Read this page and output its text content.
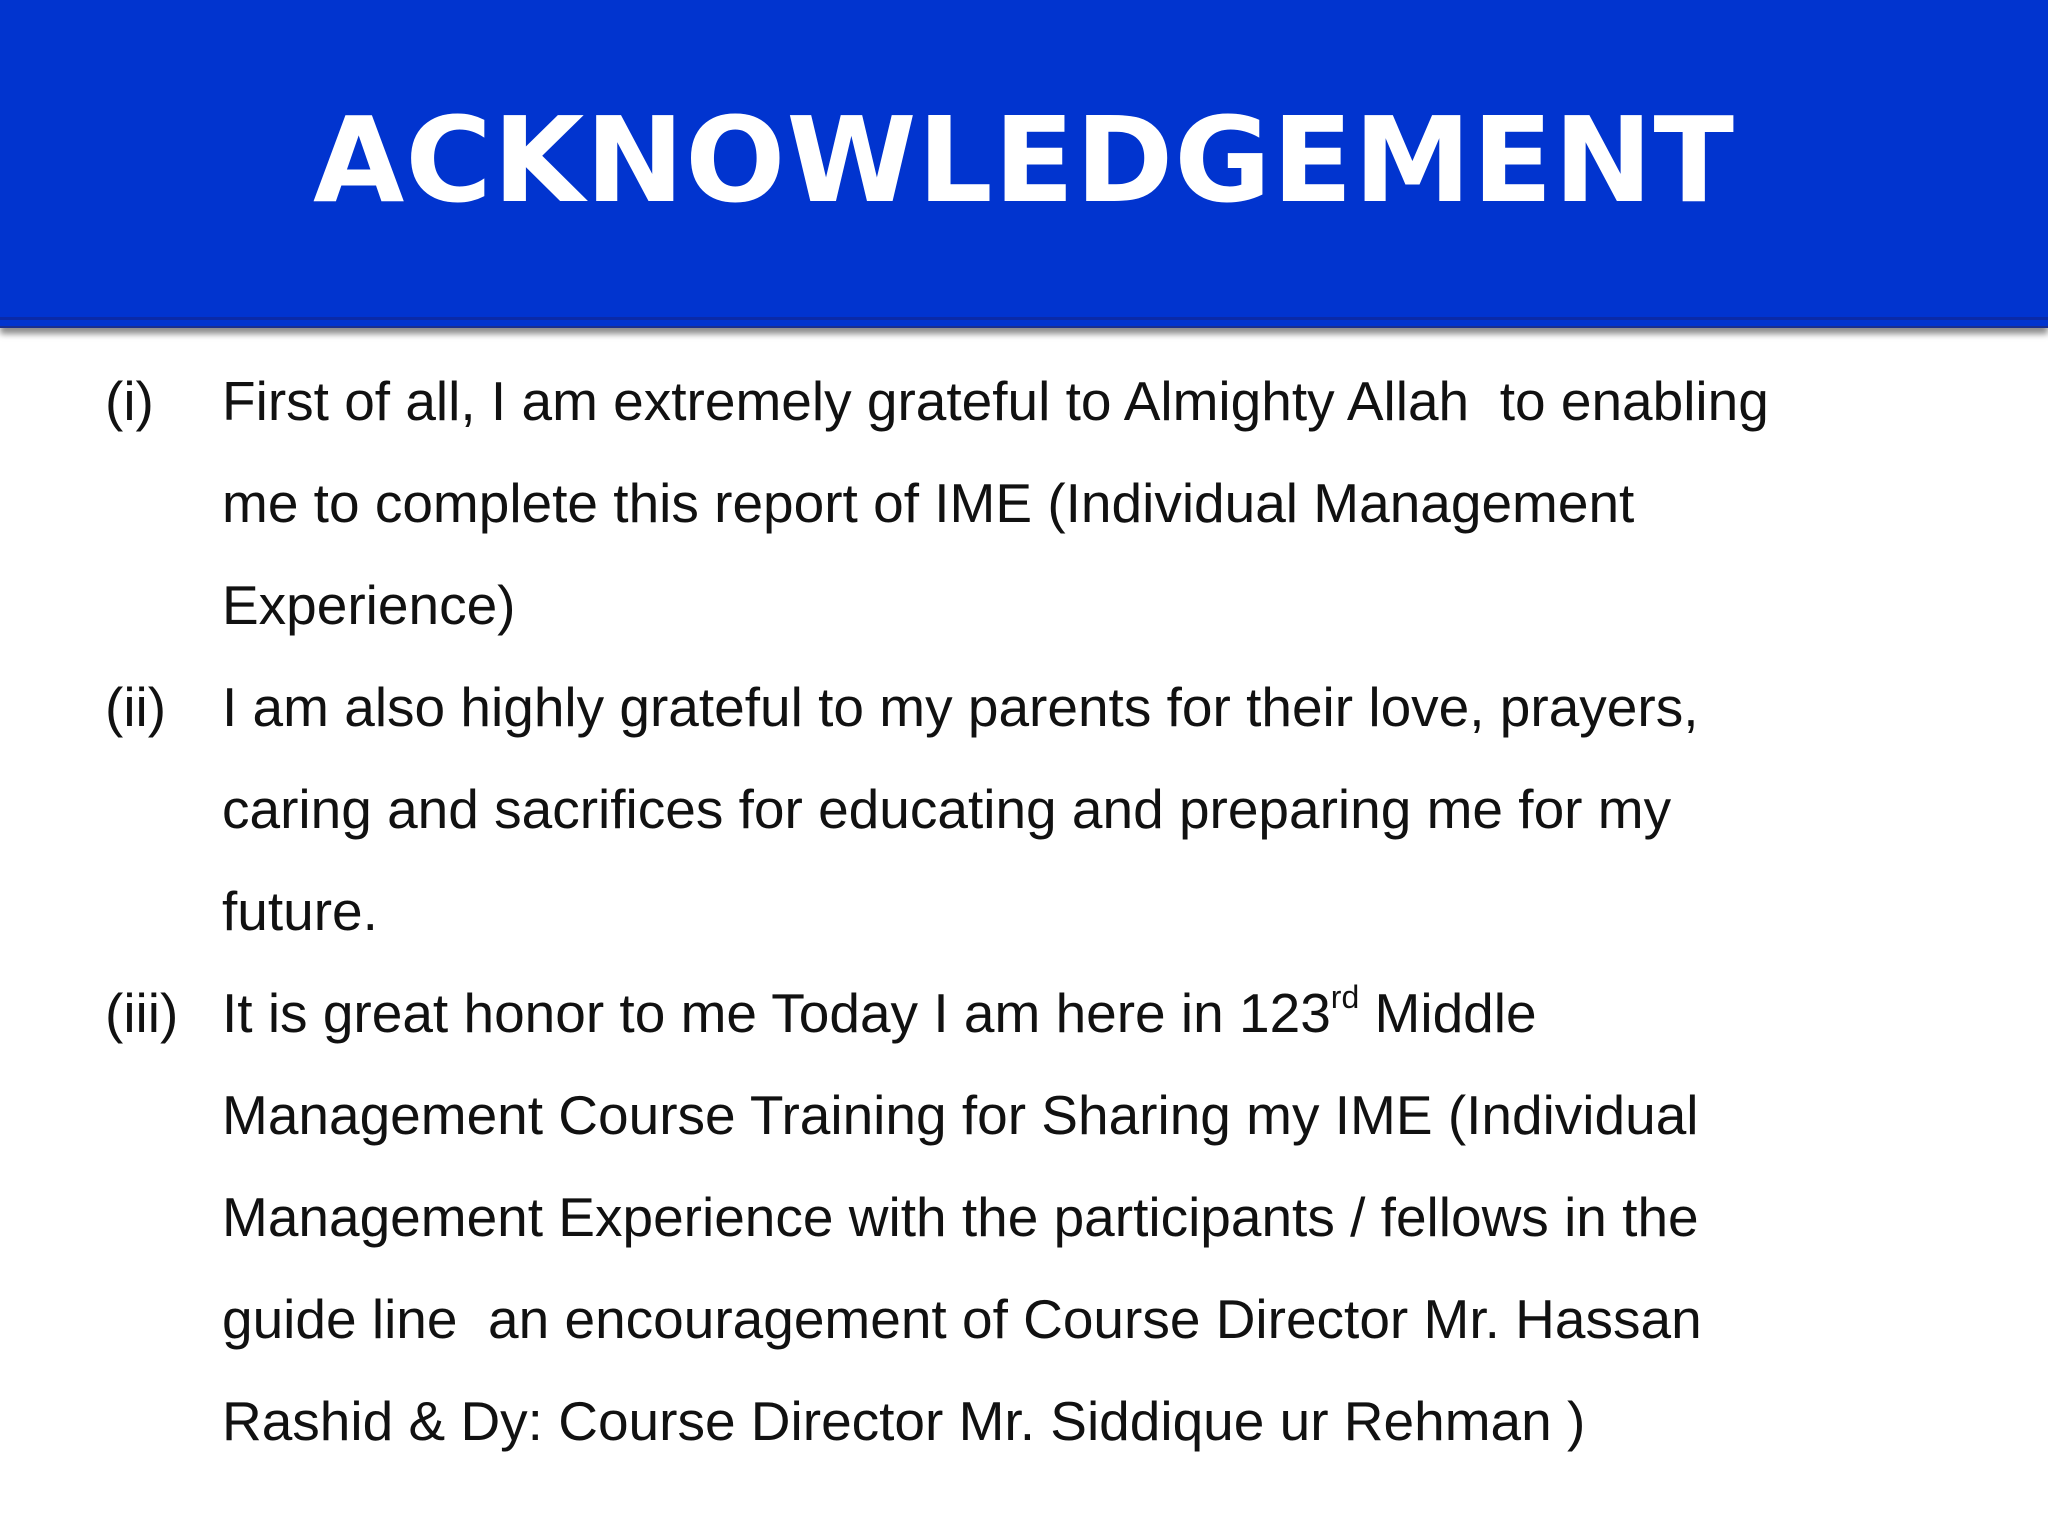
ACKNOWLEDGEMENT
(i) First of all, I am extremely grateful to Almighty Allah  to enabling
me to complete this report of IME (Individual Management
Experience)
(ii) I am also highly grateful to my parents for their love, prayers,
caring and sacrifices for educating and preparing me for my
future.
(iii) It is great honor to me Today I am here in 123rd Middle
Management Course Training for Sharing my IME (Individual
Management Experience with the participants / fellows in the
guide line  an encouragement of Course Director Mr. Hassan
Rashid & Dy: Course Director Mr. Siddique ur Rehman )
